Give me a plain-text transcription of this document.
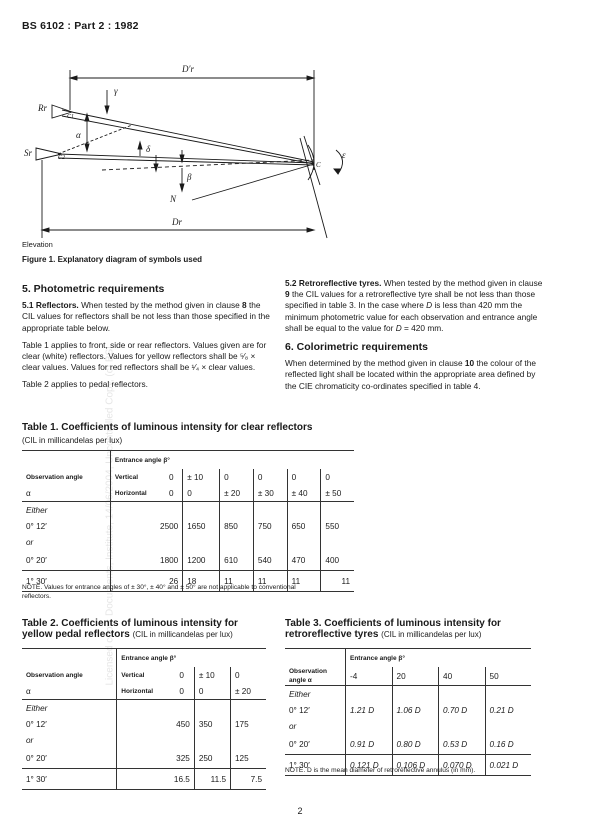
BS 6102 : Part 2 : 1982
Licensed copy: Documents, Institute, 14/06/2004, Uncontrolled Copy, (c) BSI
D′r
γ
Rr
Sr
α
δ
β
N
Dr
ε
C1
C2
C
Elevation
Figure 1. Explanatory diagram of symbols used
5. Photometric requirements

5.1 Reflectors. When tested by the method given in clause 8 the CIL values for reflectors shall be not less than those specified in the appropriate table below.

Table 1 applies to front, side or rear reflectors. Values given are for clear (white) reflectors. Values for yellow reflectors shall be ⁵⁄₈ × clear values. Values for red reflectors shall be ¹⁄₄ × clear values.

Table 2 applies to pedal reflectors.

5.2 Retroreflective tyres. When tested by the method given in clause 9 the CIL values for a retroreflective tyre shall be not less than those specified in table 3. In the case where D is less than 420 mm the minimum photometric value for each observation and entrance angle shall be equal to the value for D = 420 mm.

6. Colorimetric requirements

When determined by the method given in clause 10 the colour of the reflected light shall be located within the appropriate area defined by the CIE chromaticity co-ordinates specified in table 4.

Table 1. Coefficients of luminous intensity for clear reflectors
(CIL in millicandelas per lux)
	Entrance angle β°						
Observation angle	Vertical	0	± 10	0	0	0	0
α	Horizontal	0	0	± 20	± 30	± 40	± 50
Either							
0° 12′	2500		1650	850	750	650	550
or							
0° 20′	1800		1200	610	540	470	400
1° 30′	26		18	11	11	11	11
NOTE. Values for entrance angles of ± 30°, ± 40° and ± 50° are not applicable to conventional reflectors.
Table 2. Coefficients of luminous intensity for
yellow pedal reflectors (CIL in millicandelas per lux)
	Entrance angle β°			
Observation angle	Vertical	0	± 10	0
α	Horizontal	0	0	± 20
Either				
0° 12′	450		350	175
or				
0° 20′	325		250	125
1° 30′	16.5		11.5	7.5
Table 3. Coefficients of luminous intensity for
retroreflective tyres (CIL in millicandelas per lux)
	Entrance angle β°			
Observation angle α	-4	20	40	50
Either				
0° 12′	1.21 D	1.06 D	0.70 D	0.21 D
or				
0° 20′	0.91 D	0.80 D	0.53 D	0.16 D
1° 30′	0.121 D	0.106 D	0.070 D	0.021 D
NOTE. D is the mean diameter of retroreflective annulus (in mm).
2
